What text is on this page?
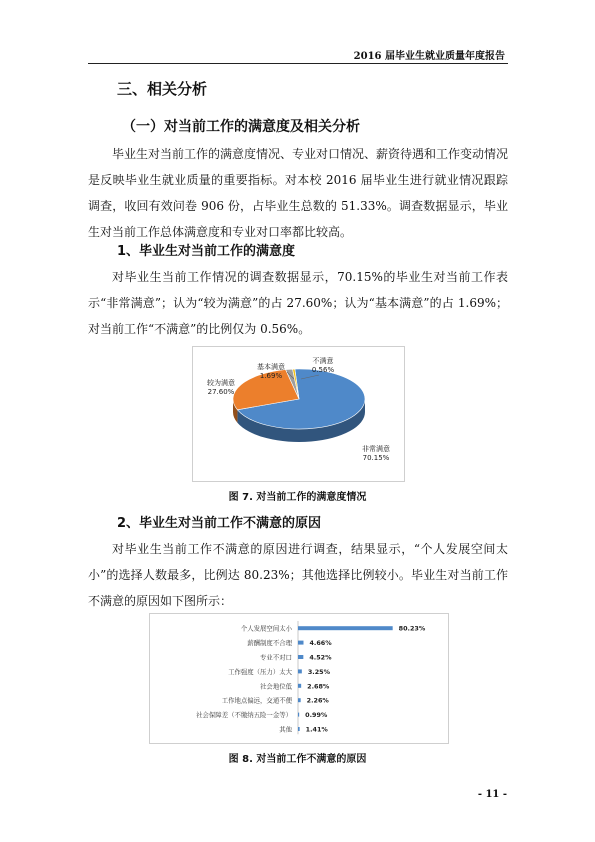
2016 届毕业生就业质量年度报告
三、相关分析
（一）对当前工作的满意度及相关分析

毕业生对当前工作的满意度情况、专业对口情况、薪资待遇和工作变动情况是反映毕业生就业质量的重要指标。对本校 2016 届毕业生进行就业情况跟踪调查，收回有效问卷 906 份，占毕业生总数的 51.33%。调查数据显示，毕业生对当前工作总体满意度和专业对口率都比较高。

1、毕业生对当前工作的满意度

对毕业生当前工作情况的调查数据显示，70.15%的毕业生对当前工作表示“非常满意”；认为“较为满意”的占 27.60%；认为“基本满意”的占 1.69%；对当前工作“不满意”的比例仅为 0.56%。

非常满意
70.15%
较为满意
27.60%
基本满意
1.69%
不满意
0.56%
图 7. 对当前工作的满意度情况
2、毕业生对当前工作不满意的原因

对毕业生当前工作不满意的原因进行调查，结果显示，“个人发展空间太小”的选择人数最多，比例达 80.23%；其他选择比例较小。毕业生对当前工作不满意的原因如下图所示：

个人发展空间太小	80.23%
薪酬制度不合理	4.66%
专业不对口	4.52%
工作强度（压力）太大 3.25%
社会地位低 2.68%
工作地点偏远，交通不便 2.26%
社会保障差（不缴纳五险一金等） 0.99%
其他 1.41%
图 8. 对当前工作不满意的原因
- 11 -
